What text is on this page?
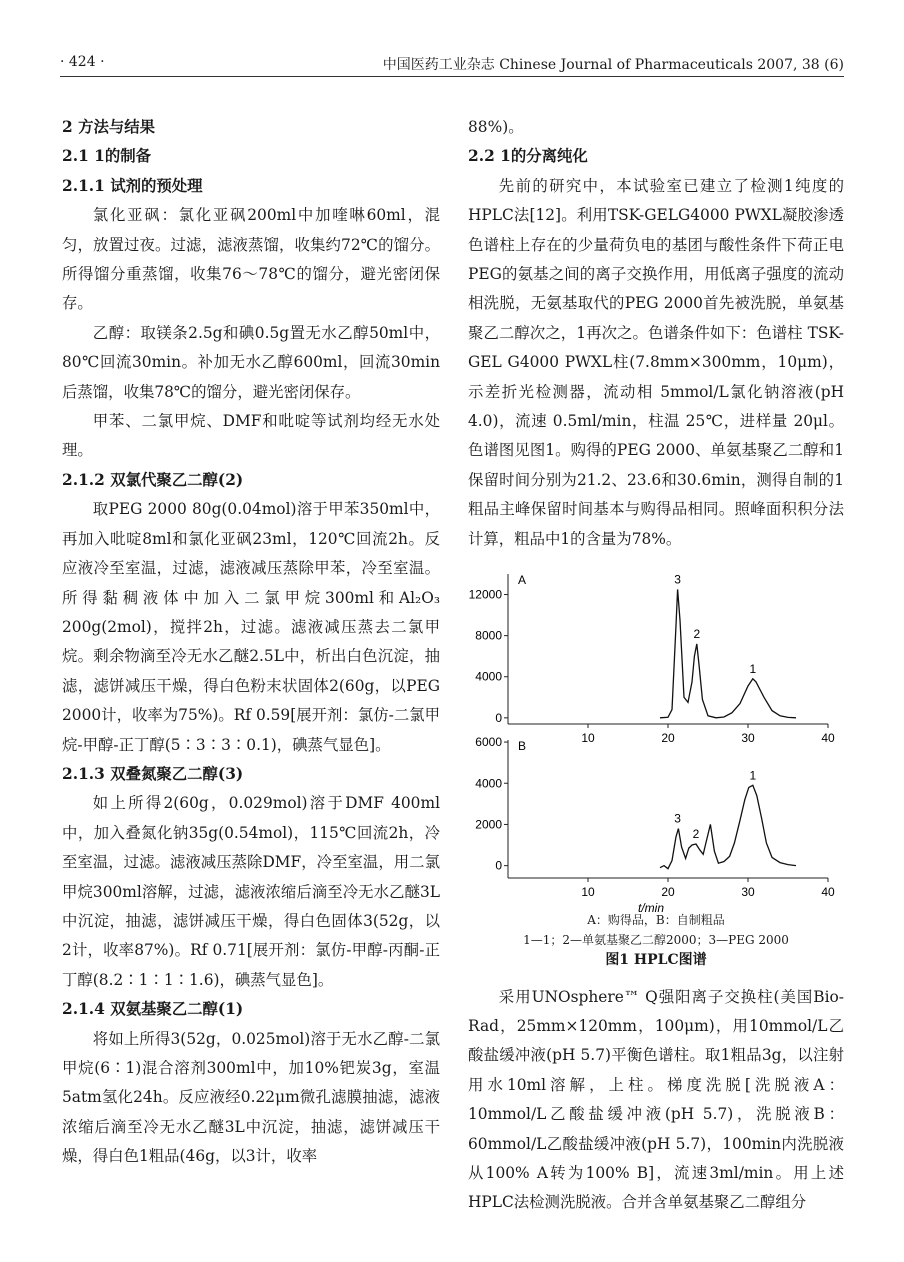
· 424 ·	中国医药工业杂志 Chinese Journal of Pharmaceuticals 2007, 38 (6)

2 方法与结果

2.1 1的制备

2.1.1 试剂的预处理

氯化亚砜：氯化亚砜200ml中加喹啉60ml，混匀，放置过夜。过滤，滤液蒸馏，收集约72℃的馏分。所得馏分重蒸馏，收集76～78℃的馏分，避光密闭保存。

乙醇：取镁条2.5g和碘0.5g置无水乙醇50ml中，80℃回流30min。补加无水乙醇600ml，回流30min后蒸馏，收集78℃的馏分，避光密闭保存。

甲苯、二氯甲烷、DMF和吡啶等试剂均经无水处理。

2.1.2 双氯代聚乙二醇(2)

取PEG 2000 80g(0.04mol)溶于甲苯350ml中，再加入吡啶8ml和氯化亚砜23ml，120℃回流2h。反应液冷至室温，过滤，滤液减压蒸除甲苯，冷至室温。所得黏稠液体中加入二氯甲烷300ml和Al₂O₃ 200g(2mol)，搅拌2h，过滤。滤液减压蒸去二氯甲烷。剩余物滴至冷无水乙醚2.5L中，析出白色沉淀，抽滤，滤饼减压干燥，得白色粉末状固体2(60g，以PEG 2000计，收率为75%)。Rf 0.59[展开剂：氯仿-二氯甲烷-甲醇-正丁醇(5∶3∶3∶0.1)，碘蒸气显色]。

2.1.3 双叠氮聚乙二醇(3)

如上所得2(60g，0.029mol)溶于DMF 400ml中，加入叠氮化钠35g(0.54mol)，115℃回流2h，冷至室温，过滤。滤液减压蒸除DMF，冷至室温，用二氯甲烷300ml溶解，过滤，滤液浓缩后滴至冷无水乙醚3L中沉淀，抽滤，滤饼减压干燥，得白色固体3(52g，以2计，收率87%)。Rf 0.71[展开剂：氯仿-甲醇-丙酮-正丁醇(8.2∶1∶1∶1.6)，碘蒸气显色]。

2.1.4 双氨基聚乙二醇(1)

将如上所得3(52g，0.025mol)溶于无水乙醇-二氯甲烷(6∶1)混合溶剂300ml中，加10%钯炭3g，室温5atm氢化24h。反应液经0.22μm微孔滤膜抽滤，滤液浓缩后滴至冷无水乙醚3L中沉淀，抽滤，滤饼减压干燥，得白色1粗品(46g，以3计，收率

88%)。

2.2 1的分离纯化

先前的研究中，本试验室已建立了检测1纯度的HPLC法[12]。利用TSK-GELG4000 PWXL凝胶渗透色谱柱上存在的少量荷负电的基团与酸性条件下荷正电PEG的氨基之间的离子交换作用，用低离子强度的流动相洗脱，无氨基取代的PEG 2000首先被洗脱，单氨基聚乙二醇次之，1再次之。色谱条件如下：色谱柱 TSK-GEL G4000 PWXL柱(7.8mm×300mm，10μm)，示差折光检测器，流动相 5mmol/L氯化钠溶液(pH 4.0)，流速 0.5ml/min，柱温 25℃，进样量 20μl。色谱图见图1。购得的PEG 2000、单氨基聚乙二醇和1保留时间分别为21.2、23.6和30.6min，测得自制的1粗品主峰保留时间基本与购得品相同。照峰面积积分法计算，粗品中1的含量为78%。

0
4000
8000
12000
10	20	30	40
A	3
2
1
0
2000
4000
6000
10	20	30	40
B
3
2
1
t/min
A：购得品，B：自制粗品
1—1；2—单氨基聚乙二醇2000；3—PEG 2000
图1 HPLC图谱

采用UNOsphere™ Q强阳离子交换柱(美国Bio-Rad，25mm×120mm，100μm)，用10mmol/L乙酸盐缓冲液(pH 5.7)平衡色谱柱。取1粗品3g，以注射用水10ml溶解，上柱。梯度洗脱[洗脱液A：10mmol/L乙酸盐缓冲液(pH 5.7)，洗脱液B：60mmol/L乙酸盐缓冲液(pH 5.7)，100min内洗脱液从100% A转为100% B]，流速3ml/min。用上述HPLC法检测洗脱液。合并含单氨基聚乙二醇组分
